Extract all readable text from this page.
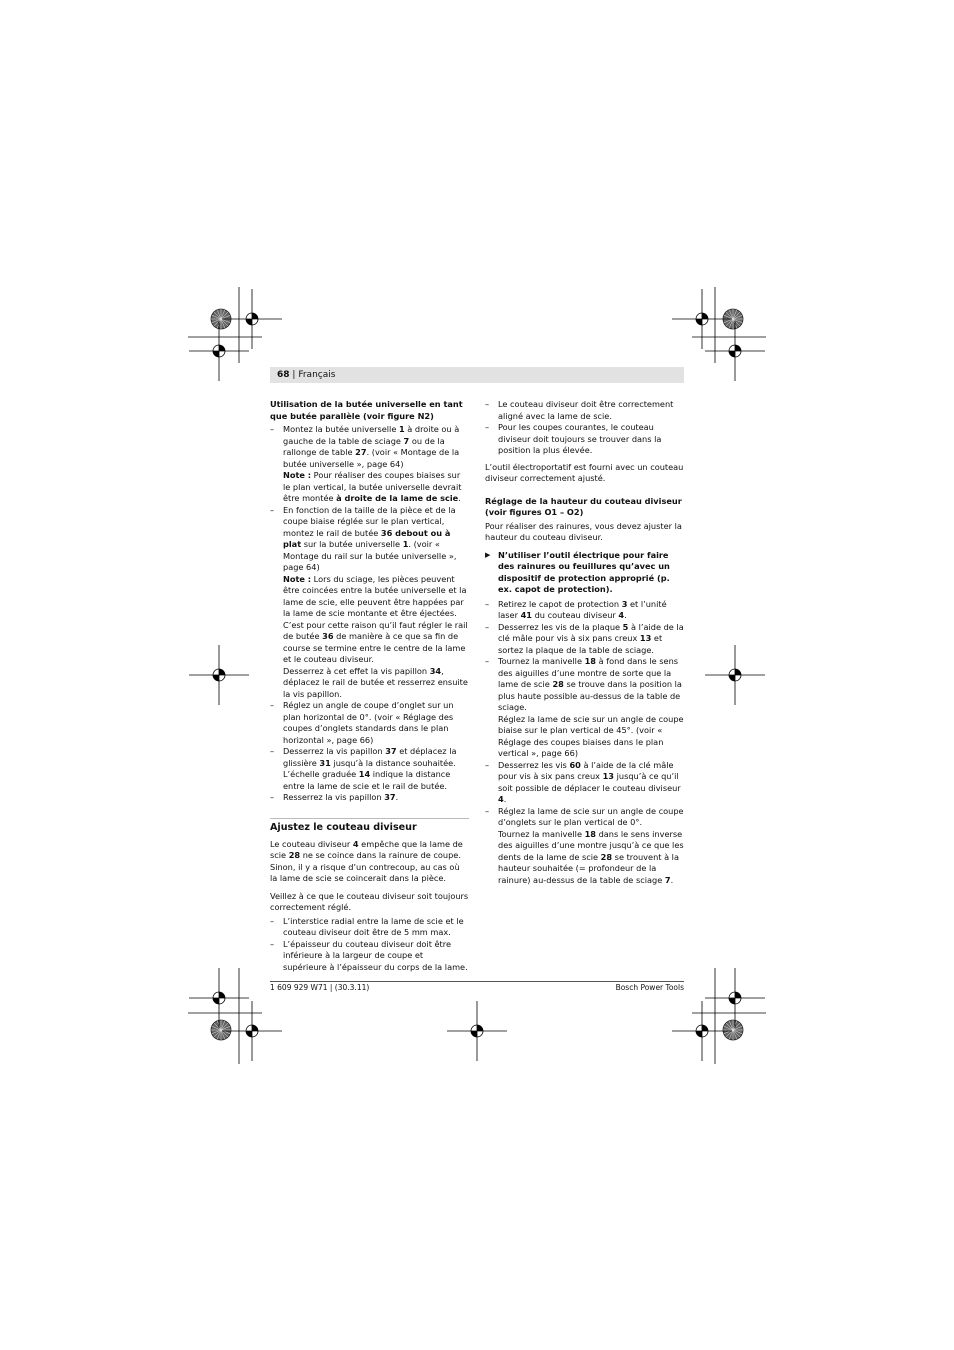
68 | Français

Utilisation de la butée universelle en tant que butée parallèle (voir figure N2)

– Montez la butée universelle 1 à droite ou à gauche de la table de sciage 7 ou de la rallonge de table 27. (voir « Montage de la butée universelle », page 64)

Note : Pour réaliser des coupes biaises sur le plan vertical, la butée universelle devrait être montée à droite de la lame de scie.

– En fonction de la taille de la pièce et de la coupe biaise réglée sur le plan vertical, montez le rail de butée 36 debout ou à plat sur la butée universelle 1. (voir « Montage du rail sur la butée universelle », page 64)

Note : Lors du sciage, les pièces peuvent être coincées entre la butée universelle et la lame de scie, elle peuvent être happées par la lame de scie montante et être éjectées. C’est pour cette raison qu’il faut régler le rail de butée 36 de manière à ce que sa fin de course se termine entre le centre de la lame et le couteau diviseur.
Desserrez à cet effet la vis papillon 34, déplacez le rail de butée et resserrez ensuite la vis papillon.

– Réglez un angle de coupe d’onglet sur un plan horizontal de 0°. (voir « Réglage des coupes d’onglets standards dans le plan horizontal », page 66)
– Desserrez la vis papillon 37 et déplacez la glissière 31 jusqu’à la distance souhaitée. L’échelle graduée 14 indique la distance entre la lame de scie et le rail de butée.
– Resserrez la vis papillon 37.
Ajustez le couteau diviseur

Le couteau diviseur 4 empêche que la lame de scie 28 ne se coince dans la rainure de coupe. Sinon, il y a risque d’un contrecoup, au cas où la lame de scie se coincerait dans la pièce.

Veillez à ce que le couteau diviseur soit toujours correctement réglé.

– L’interstice radial entre la lame de scie et le couteau diviseur doit être de 5 mm max.
– L’épaisseur du couteau diviseur doit être inférieure à la largeur de coupe et supérieure à l’épaisseur du corps de la lame.
– Le couteau diviseur doit être correctement aligné avec la lame de scie.
– Pour les coupes courantes, le couteau diviseur doit toujours se trouver dans la position la plus élevée.

L’outil électroportatif est fourni avec un couteau diviseur correctement ajusté.

Réglage de la hauteur du couteau diviseur (voir figures O1 – O2)

Pour réaliser des rainures, vous devez ajuster la hauteur du couteau diviseur.

▶ N’utiliser l’outil électrique pour faire des rainures ou feuillures qu’avec un dispositif de protection approprié (p. ex. capot de protection).
– Retirez le capot de protection 3 et l’unité laser 41 du couteau diviseur 4.
– Desserrez les vis de la plaque 5 à l’aide de la clé mâle pour vis à six pans creux 13 et sortez la plaque de la table de sciage.
– Tournez la manivelle 18 à fond dans le sens des aiguilles d’une montre de sorte que la lame de scie 28 se trouve dans la position la plus haute possible au-dessus de la table de sciage.

Réglez la lame de scie sur un angle de coupe biaise sur le plan vertical de 45°. (voir « Réglage des coupes biaises dans le plan vertical », page 66)

– Desserrez les vis 60 à l’aide de la clé mâle pour vis à six pans creux 13 jusqu’à ce qu’il soit possible de déplacer le couteau diviseur 4.
– Réglez la lame de scie sur un angle de coupe d’onglets sur le plan vertical de 0°.

Tournez la manivelle 18 dans le sens inverse des aiguilles d’une montre jusqu’à ce que les dents de la lame de scie 28 se trouvent à la hauteur souhaitée (= profondeur de la rainure) au-dessus de la table de sciage 7.

1 609 929 W71 | (30.3.11)	Bosch Power Tools
